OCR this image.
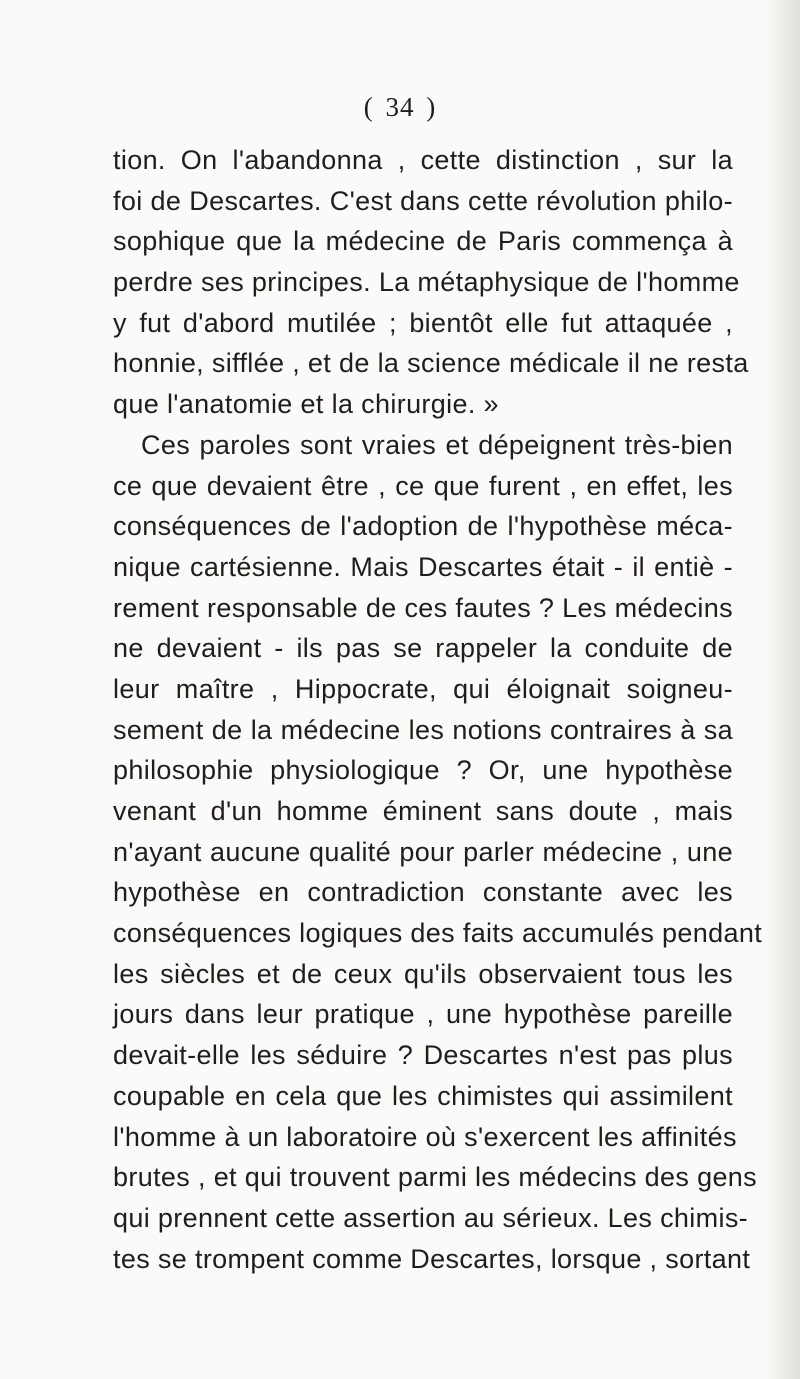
( 34 )
tion. On l'abandonna , cette distinction , sur la
foi de Descartes. C'est dans cette révolution philo-
sophique que la médecine de Paris commença à
perdre ses principes. La métaphysique de l'homme
y fut d'abord mutilée ; bientôt elle fut attaquée ,
honnie, sifflée , et de la science médicale il ne resta
que l'anatomie et la chirurgie. »
Ces paroles sont vraies et dépeignent très-bien
ce que devaient être , ce que furent , en effet, les
conséquences de l'adoption de l'hypothèse méca-
nique cartésienne. Mais Descartes était - il entiè -
rement responsable de ces fautes ? Les médecins
ne devaient - ils pas se rappeler la conduite de
leur maître , Hippocrate, qui éloignait soigneu-
sement de la médecine les notions contraires à sa
philosophie physiologique ? Or, une hypothèse
venant d'un homme éminent sans doute , mais
n'ayant aucune qualité pour parler médecine , une
hypothèse en contradiction constante avec les
conséquences logiques des faits accumulés pendant
les siècles et de ceux qu'ils observaient tous les
jours dans leur pratique , une hypothèse pareille
devait-elle les séduire ? Descartes n'est pas plus
coupable en cela que les chimistes qui assimilent
l'homme à un laboratoire où s'exercent les affinités
brutes , et qui trouvent parmi les médecins des gens
qui prennent cette assertion au sérieux. Les chimis-
tes se trompent comme Descartes, lorsque , sortant
